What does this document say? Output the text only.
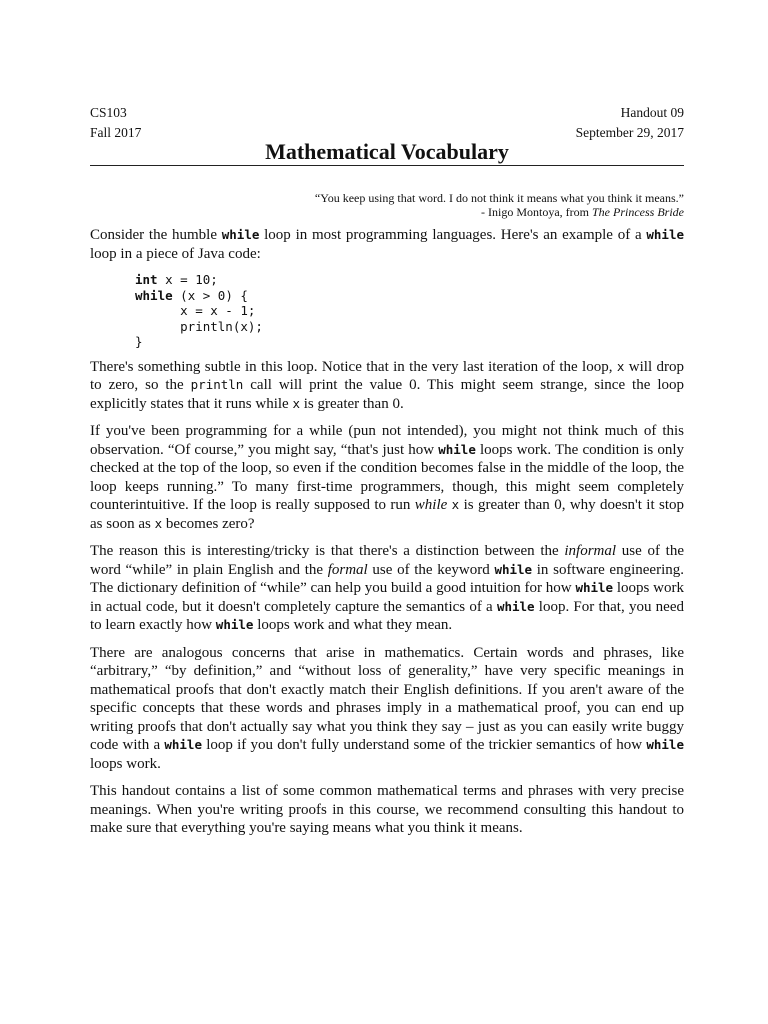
CS103	Handout 09
Fall 2017	September 29, 2017
Mathematical Vocabulary
“You keep using that word. I do not think it means what you think it means.”
- Inigo Montoya, from The Princess Bride

Consider the humble while loop in most programming languages. Here's an example of a while loop in a piece of Java code:

int x = 10;
while (x > 0) {
x = x - 1;
println(x);
}

There's something subtle in this loop. Notice that in the very last iteration of the loop, x will drop to zero, so the println call will print the value 0. This might seem strange, since the loop explicitly states that it runs while x is greater than 0.

If you've been programming for a while (pun not intended), you might not think much of this observation. “Of course,” you might say, “that's just how while loops work. The condition is only checked at the top of the loop, so even if the condition becomes false in the middle of the loop, the loop keeps running.” To many first-time programmers, though, this might seem completely counterintuitive. If the loop is really supposed to run while x is greater than 0, why doesn't it stop as soon as x becomes zero?

The reason this is interesting/tricky is that there's a distinction between the informal use of the word “while” in plain English and the formal use of the keyword while in software engineering. The dictionary definition of “while” can help you build a good intuition for how while loops work in actual code, but it doesn't completely capture the semantics of a while loop. For that, you need to learn exactly how while loops work and what they mean.

There are analogous concerns that arise in mathematics. Certain words and phrases, like “arbitrary,” “by definition,” and “without loss of generality,” have very specific meanings in mathematical proofs that don't exactly match their English definitions. If you aren't aware of the specific concepts that these words and phrases imply in a mathematical proof, you can end up writing proofs that don't actually say what you think they say – just as you can easily write buggy code with a while loop if you don't fully understand some of the trickier semantics of how while loops work.

This handout contains a list of some common mathematical terms and phrases with very precise meanings. When you're writing proofs in this course, we recommend consulting this handout to make sure that everything you're saying means what you think it means.
